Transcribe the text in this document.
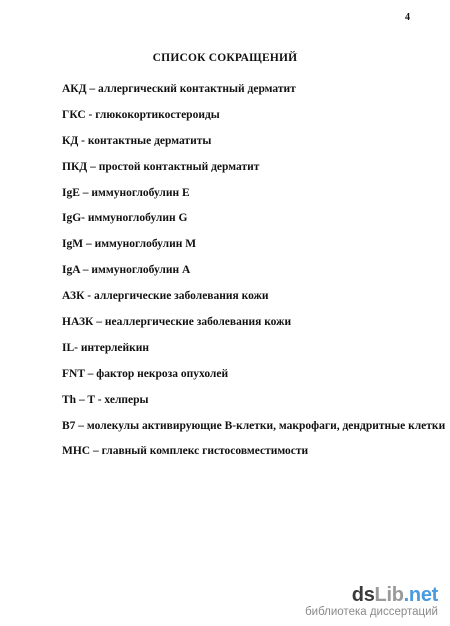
4
СПИСОК СОКРАЩЕНИЙ
АКД – аллергический контактный дерматит
ГКС - глюкокортикостероиды
КД - контактные дерматиты
ПКД – простой контактный дерматит
IgE – иммуноглобулин E
IgG- иммуноглобулин G
IgM – иммуноглобулин M
IgA – иммуноглобулин A
АЗК - аллергические заболевания кожи
НАЗК – неаллергические заболевания кожи
IL- интерлейкин
FNT – фактор некроза опухолей
Th – T - хелперы
B7 – молекулы активирующие B-клетки, макрофаги, дендритные клетки
MHC – главный комплекс гистосовместимости
dsLib.net
библиотека диссертаций
